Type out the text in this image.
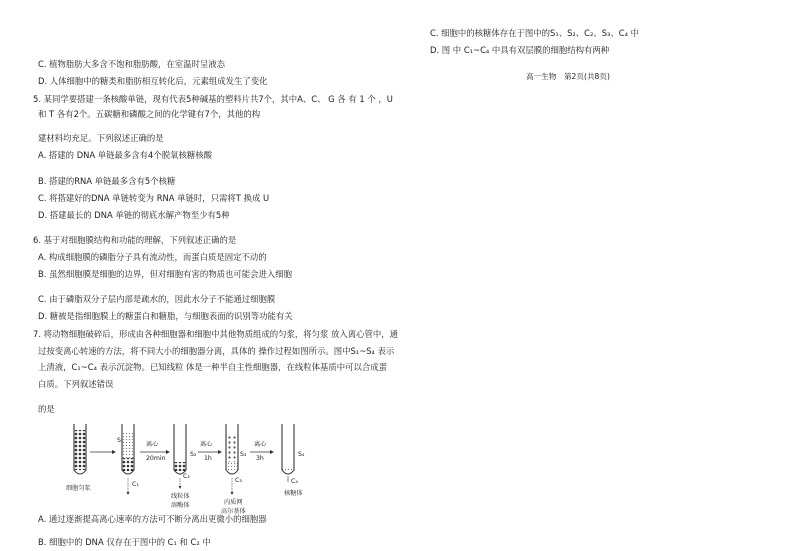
C. 细胞中的核糖体存在于图中的S₁、S₂、C₂、S₃、C₄ 中
D. 图 中 C₁~C₄ 中具有双层膜的细胞结构有两种
高一生物　第2页(共8页)
C. 植物脂肪大多含不饱和脂肪酸，在室温时呈液态
D. 人体细胞中的糖类和脂肪相互转化后，元素组成发生了变化
5. 某同学要搭建一条核酸单链，现有代表5种碱基的塑料片共7个，其中A、C、 G 各 有 1 个 ，U
和 T 各有2个。五碳糖和磷酸之间的化学键有7个，其他的构
建材料均充足。下列叙述正确的是
A. 搭建的 DNA 单链最多含有4个脱氧核糖核酸
B. 搭建的RNA 单链最多含有5个核糖
C. 将搭建好的DNA 单链转变为 RNA 单链时，只需将T 换成 U
D. 搭建最长的 DNA 单链的彻底水解产物至少有5种
6. 基于对细胞膜结构和功能的理解，下列叙述正确的是
A. 构成细胞膜的磷脂分子具有流动性，而蛋白质是固定不动的
B. 虽然细胞膜是细胞的边界，但对细胞有害的物质也可能会进入细胞
C. 由于磷脂双分子层内部是疏水的，因此水分子不能通过细胞膜
D. 糖被是指细胞膜上的糖蛋白和糖脂，与细胞表面的识别等功能有关
7. 将动物细胞破碎后，形成由各种细胞器和细胞中其他物质组成的匀浆，将匀浆 放入离心管中，通
过按变离心转速的方法，将不同大小的细胞器分离，具体的 操作过程如图所示。图中S₁~S₄ 表示
上清液，C₁~C₄ 表示沉淀物。已知线粒 体是一种半自主性细胞器，在线粒体基质中可以合成蛋
白质。下列叙述错误
的是
S₁
C₁
离心
20min
S₂
C₂
线粒体
溶酶体
离心
1h
S₃
C₃
内质网
高尔基体
离心
3h
S₄
C₄
核糖体
细胞匀浆
A. 通过逐渐提高离心速率的方法可不断分离出更微小的细胞器
B. 细胞中的 DNA 仅存在于图中的 C₁ 和 C₂ 中
